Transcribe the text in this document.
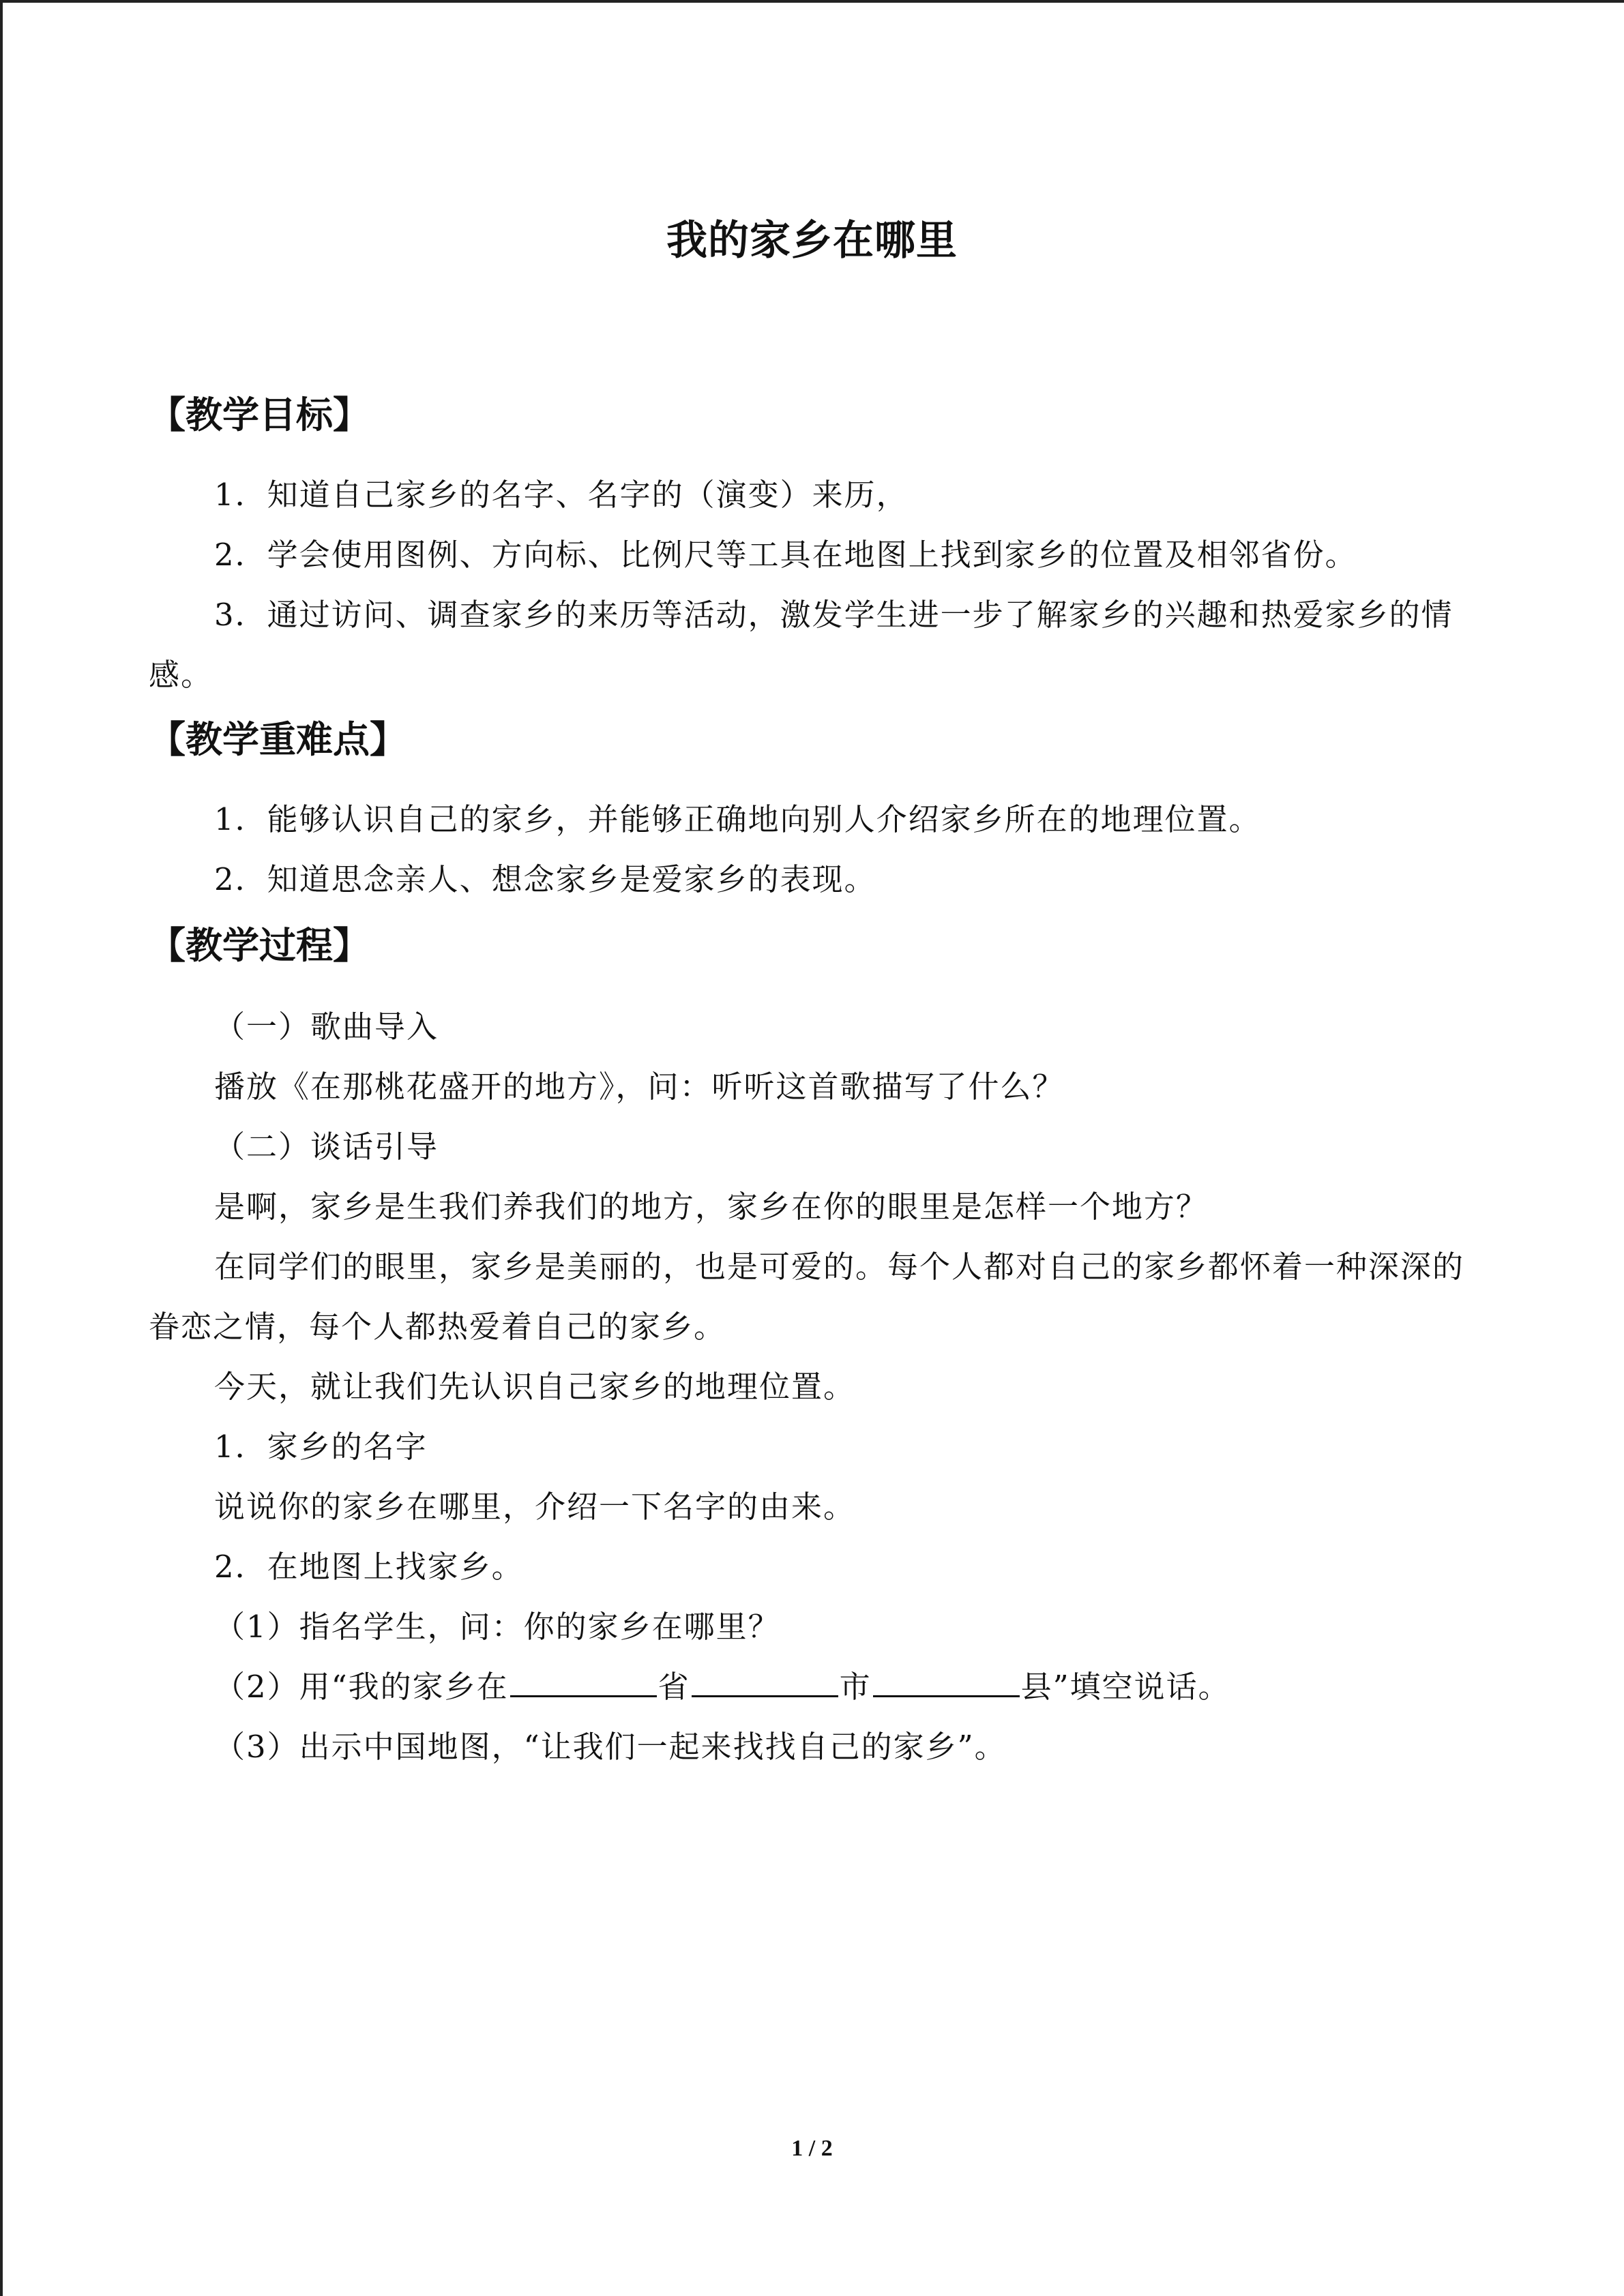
我的家乡在哪里
【教学目标】
1．知道自己家乡的名字、名字的（演变）来历，
2．学会使用图例、方向标、比例尺等工具在地图上找到家乡的位置及相邻省份。
3．通过访问、调查家乡的来历等活动，激发学生进一步了解家乡的兴趣和热爱家乡的情感。
【教学重难点】
1．能够认识自己的家乡，并能够正确地向别人介绍家乡所在的地理位置。
2．知道思念亲人、想念家乡是爱家乡的表现。
【教学过程】
（一）歌曲导入
播放《在那桃花盛开的地方》，问：听听这首歌描写了什么？
（二）谈话引导
是啊，家乡是生我们养我们的地方，家乡在你的眼里是怎样一个地方？
在同学们的眼里，家乡是美丽的，也是可爱的。每个人都对自己的家乡都怀着一种深深的眷恋之情，每个人都热爱着自己的家乡。
今天，就让我们先认识自己家乡的地理位置。
1．家乡的名字
说说你的家乡在哪里，介绍一下名字的由来。
2．在地图上找家乡。
（1）指名学生，问：你的家乡在哪里？
（2）用“我的家乡在	省	市	县”填空说话。
（3）出示中国地图，“让我们一起来找找自己的家乡”。
1 / 2
